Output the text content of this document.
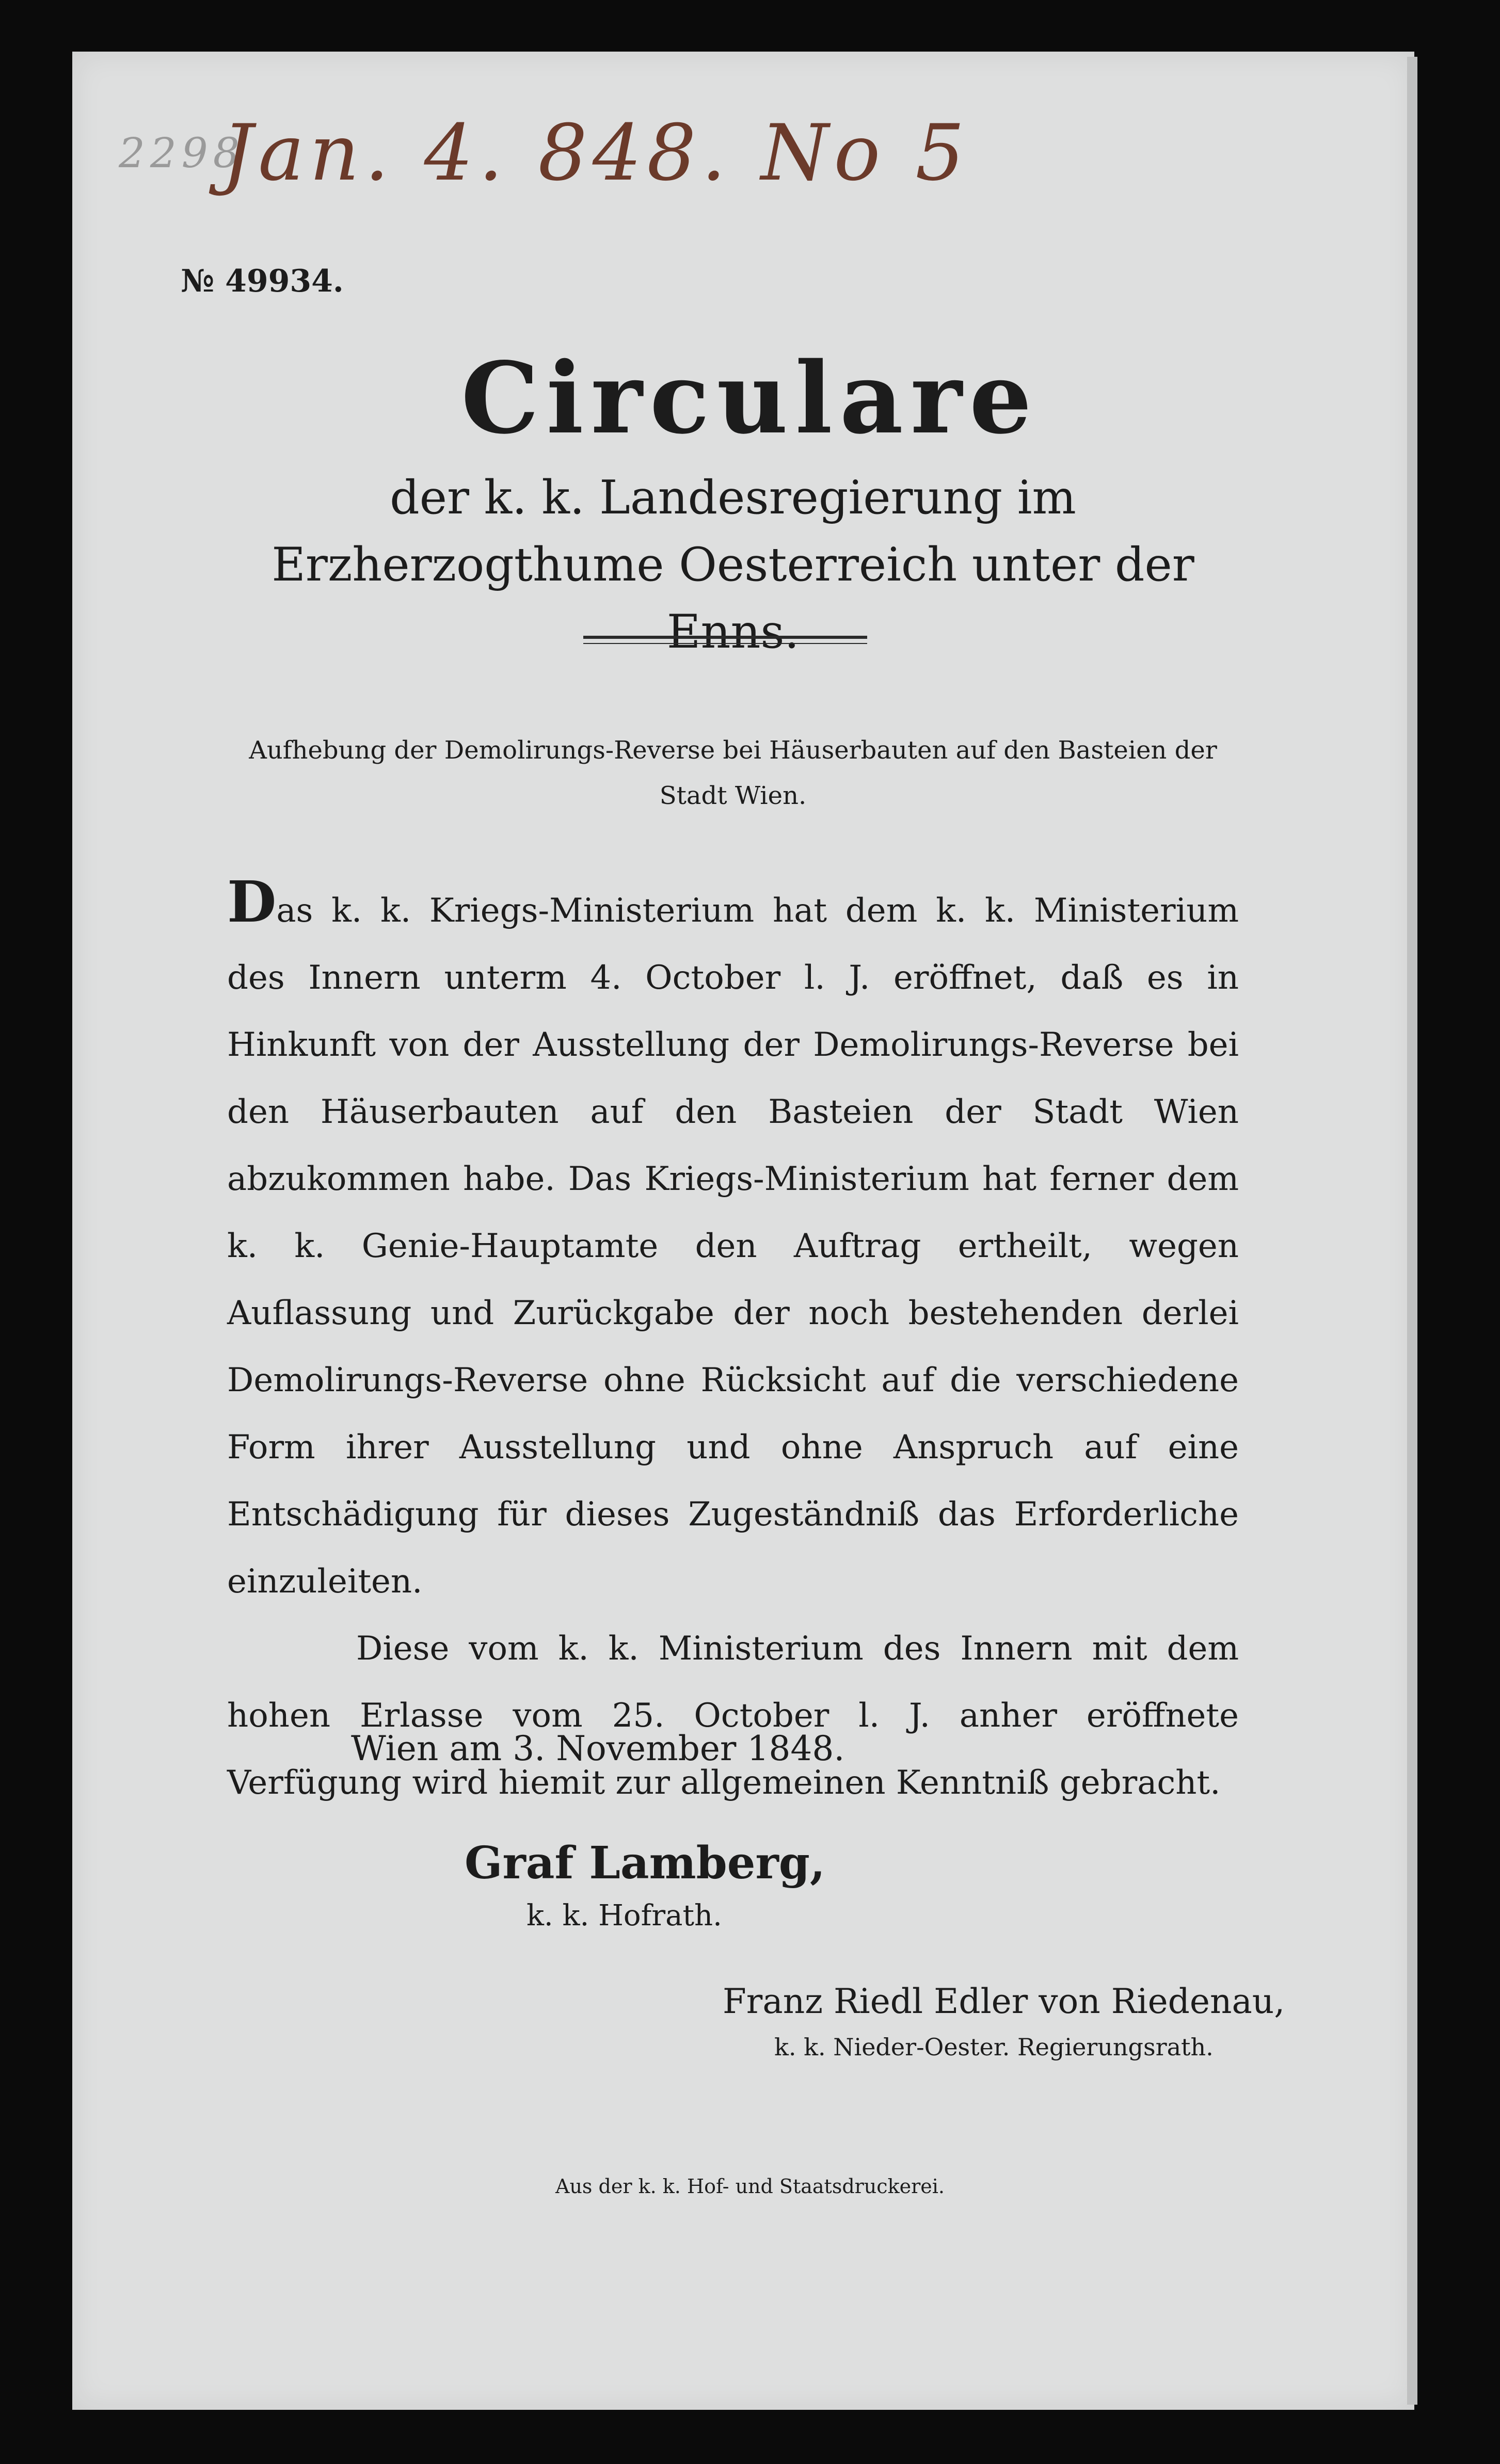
2298
Jan. 4. 848. No 5
№ 49934.
Circulare
der k. k. Landesregierung im Erzherzogthume Oesterreich unter der Enns.
Aufhebung der Demolirungs-Reverse bei Häuserbauten auf den Basteien der Stadt Wien.

Das k. k. Kriegs-Ministerium hat dem k. k. Ministerium des Innern unterm 4. October l. J. eröffnet, daß es in Hinkunft von der Ausstellung der Demolirungs-Reverse bei den Häuserbauten auf den Basteien der Stadt Wien abzukommen habe. Das Kriegs-Ministerium hat ferner dem k. k. Genie-Hauptamte den Auftrag ertheilt, wegen Auflassung und Zurückgabe der noch bestehenden derlei Demolirungs-Reverse ohne Rücksicht auf die verschiedene Form ihrer Ausstellung und ohne Anspruch auf eine Entschädigung für dieses Zugeständniß das Erforderliche einzuleiten.

Diese vom k. k. Ministerium des Innern mit dem hohen Erlasse vom 25. October l. J. anher eröffnete Verfügung wird hiemit zur allgemeinen Kenntniß gebracht.

Wien am 3. November 1848.
Graf Lamberg,
k. k. Hofrath.
Franz Riedl Edler von Riedenau,
k. k. Nieder-Oester. Regierungsrath.
Aus der k. k. Hof- und Staatsdruckerei.
